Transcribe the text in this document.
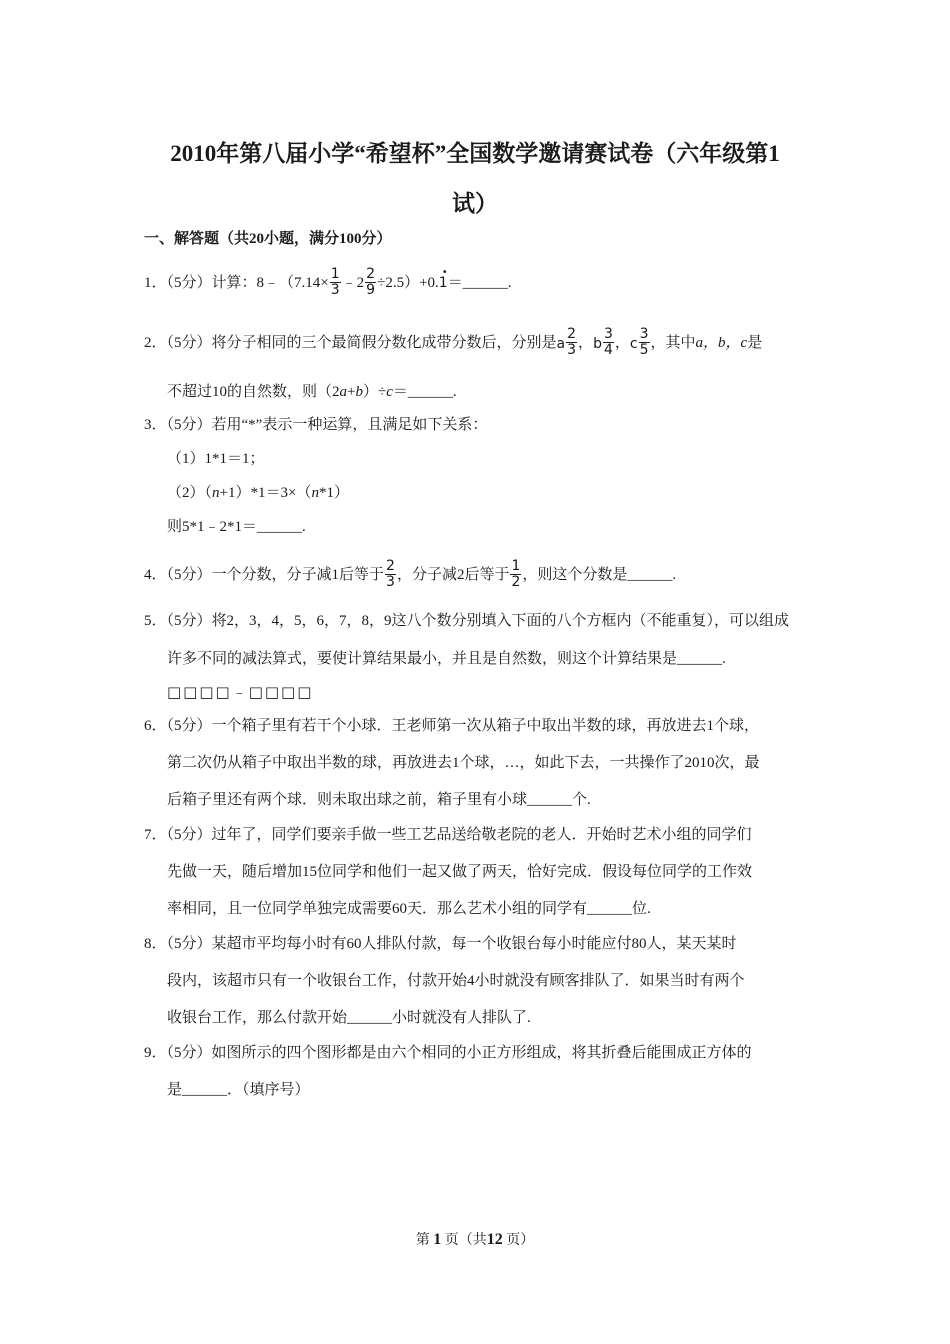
2010年第八届小学“希望杯”全国数学邀请赛试卷（六年级第1
试）
一、解答题（共20小题，满分100分）
1．（5分）计算：8﹣（7.14× $\frac{1}{3}$ ﹣2 $\frac{2}{9} \div 2.5)+0$.
•
1＝______.
2．（5分）将分子相同的三个最简假分数化成带分数后，分别是a $\frac{2}{3}$ ，b $\frac{3}{4}$ ，c $\frac{3}{5}$ ，其中a，b，c是
不超过10的自然数，则（2a+b）÷c＝______.
3．（5分）若用“*”表示一种运算，且满足如下关系：
（1）1*1＝1；
（2）（n+1）*1＝3×（n*1）
则5*1﹣2*1＝______.
4．（5分）一个分数，分子减1后等于 $\frac{2}{3}$ ，分子减2后等于 $\frac{1}{2}$ ，则这个分数是______.
5．（5分）将2，3，4，5，6，7，8，9这八个数分别填入下面的八个方框内（不能重复），可以组成
许多不同的减法算式，要使计算结果最小，并且是自然数，则这个计算结果是______.
□□□□﹣□□□□
6．（5分）一个箱子里有若干个小球．王老师第一次从箱子中取出半数的球，再放进去1个球，
第二次仍从箱子中取出半数的球，再放进去1个球，…，如此下去，一共操作了2010次，最
后箱子里还有两个球．则未取出球之前，箱子里有小球______个.
7．（5分）过年了，同学们要亲手做一些工艺品送给敬老院的老人．开始时艺术小组的同学们
先做一天，随后增加15位同学和他们一起又做了两天，恰好完成．假设每位同学的工作效
率相同，且一位同学单独完成需要60天．那么艺术小组的同学有______位.
8．（5分）某超市平均每小时有60人排队付款，每一个收银台每小时能应付80人，某天某时
段内，该超市只有一个收银台工作，付款开始4小时就没有顾客排队了．如果当时有两个
收银台工作，那么付款开始______小时就没有人排队了.
9．（5分）如图所示的四个图形都是由六个相同的小正方形组成，将其折叠后能围成正方体的
是______．（填序号）
第 1 页（共12 页）
